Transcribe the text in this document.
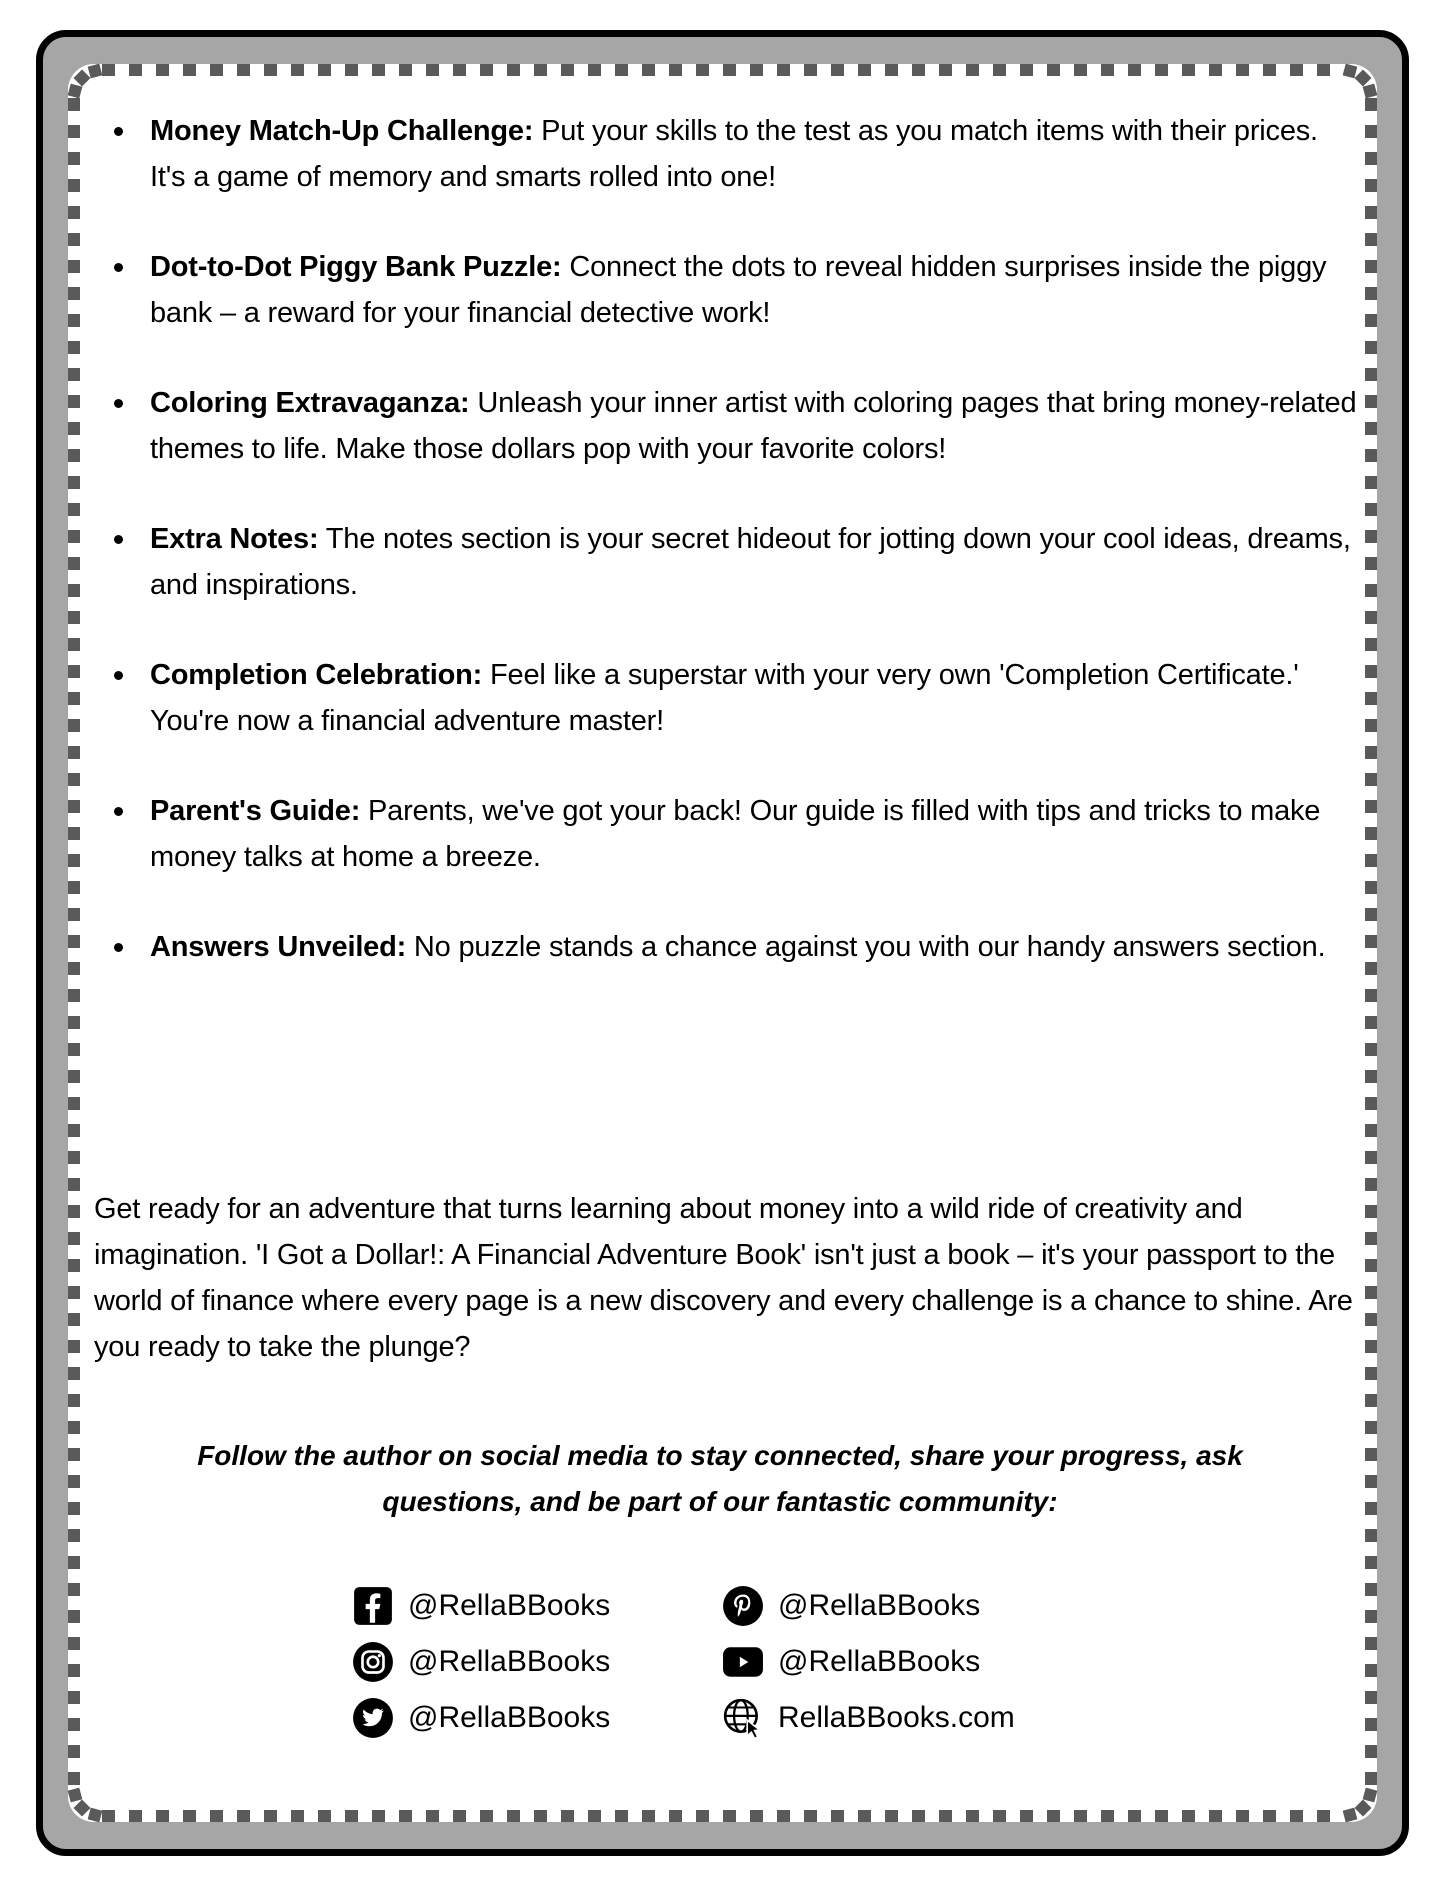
Money Match-Up Challenge: Put your skills to the test as you match items with their prices. It's a game of memory and smarts rolled into one!
Dot-to-Dot Piggy Bank Puzzle: Connect the dots to reveal hidden surprises inside the piggy bank – a reward for your financial detective work!
Coloring Extravaganza: Unleash your inner artist with coloring pages that bring money-related themes to life. Make those dollars pop with your favorite colors!
Extra Notes: The notes section is your secret hideout for jotting down your cool ideas, dreams, and inspirations.
Completion Celebration: Feel like a superstar with your very own 'Completion Certificate.' You're now a financial adventure master!
Parent's Guide: Parents, we've got your back! Our guide is filled with tips and tricks to make money talks at home a breeze.
Answers Unveiled: No puzzle stands a chance against you with our handy answers section.

Get ready for an adventure that turns learning about money into a wild ride of creativity and imagination. 'I Got a Dollar!: A Financial Adventure Book' isn't just a book – it's your passport to the world of finance where every page is a new discovery and every challenge is a chance to shine. Are you ready to take the plunge?

Follow the author on social media to stay connected, share your progress, ask questions, and be part of our fantastic community:

@RellaBBooks
@RellaBBooks
@RellaBBooks
@RellaBBooks
@RellaBBooks
RellaBBooks.com
